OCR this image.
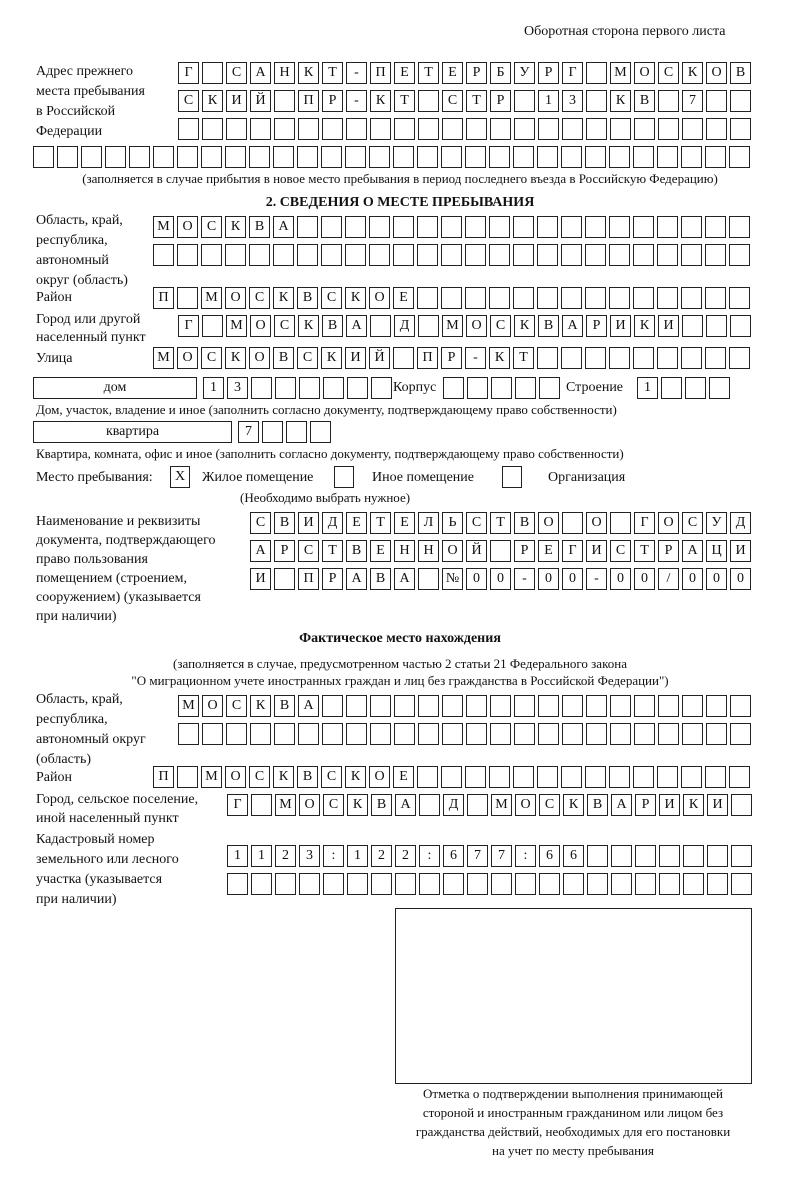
Оборотная сторона первого листа
Адрес прежнего
места пребывания
в Российской
Федерации
Г	С	А Н	К	Т	-	П	Е	Т	Е	Р	Б	У	Р	Г	М О	С	К	О	В
С	К	И Й	П	Р	-	К	Т	С	Т	Р	1	3	К	В	7
(заполняется в случае прибытия в новое место пребывания в период последнего въезда в Российскую Федерацию)
2. СВЕДЕНИЯ О МЕСТЕ ПРЕБЫВАНИЯ
Область, край,
республика,
автономный
округ (область)
М О	С	К	В	А
Район	П	М О	С	К	В	С	К	О	Е
Город или другой
населенный пункт
Г	М О	С	К	В	А	Д	М О	С	К	В	А	Р	И	К	И
Улица	М О	С	К	О	В	С	К	И Й	П	Р	-	К	Т
дом	1	3	Корпус	Строение	1
Дом, участок, владение и иное (заполнить согласно документу, подтверждающему право собственности)
квартира	7
Квартира, комната, офис и иное (заполнить согласно документу, подтверждающему право собственности)
Место пребывания:	Х	Жилое помещение	Иное помещение	Организация
(Необходимо выбрать нужное)
Наименование и реквизиты
документа, подтверждающего
право пользования
помещением (строением,
сооружением) (указывается
при наличии)
С	В	И	Д	Е	Т	Е	Л	Ь	С	Т	В	О	О	Г	О	С	У	Д
А	Р	С	Т	В	Е	Н Н О Й	Р	Е	Г	И	С	Т	Р	А Ц И
И	П	Р	А	В	А	№ 0	0	-	0	0	-	0	0	/	0	0	0
Фактическое место нахождения
(заполняется в случае, предусмотренном частью 2 статьи 21 Федерального закона
"О миграционном учете иностранных граждан и лиц без гражданства в Российской Федерации")
Область, край,
республика,
автономный округ
(область)
М О	С	К	В	А
Район	П	М О	С	К	В	С	К	О	Е
Город, сельское поселение,
иной населенный пункт
Г	М О	С	К	В	А	Д	М О	С	К	В	А	Р	И	К	И
Кадастровый номер
земельного или лесного
участка (указывается
при наличии)
1	1	2	3	:	1	2	2	:	6	7	7	:	6	6
Отметка о подтверждении выполнения принимающей
стороной и иностранным гражданином или лицом без
гражданства действий, необходимых для его постановки
на учет по месту пребывания
